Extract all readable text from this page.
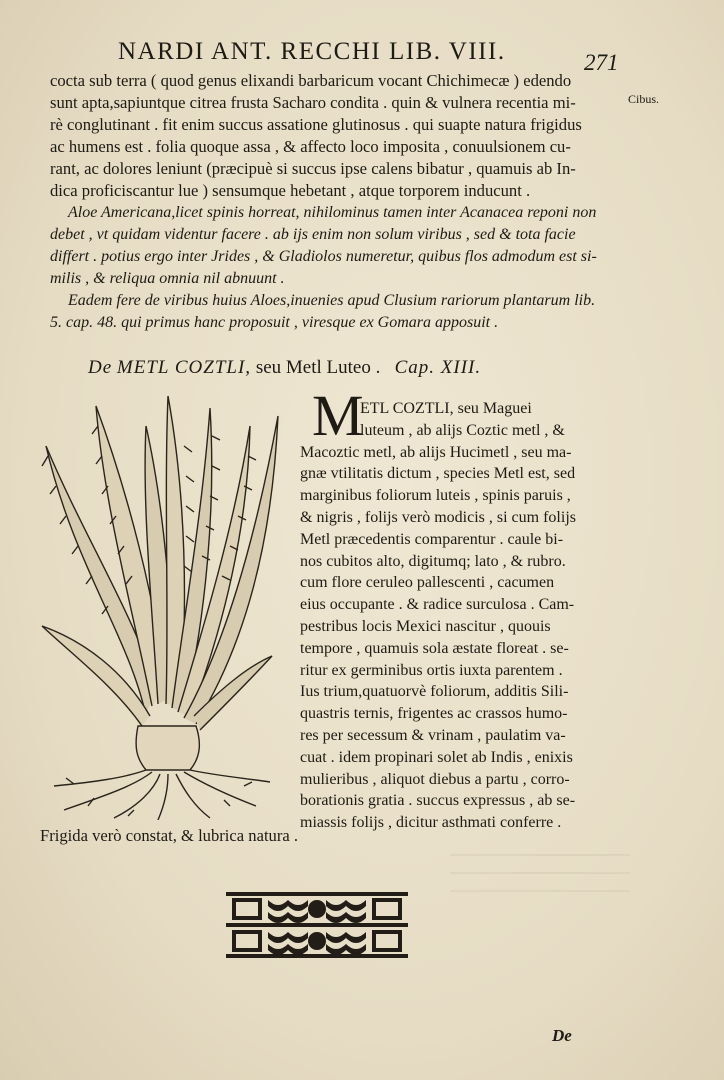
NARDI ANT. RECCHI LIB. VIII.	271
Cibus.
cocta sub terra ( quod genus elixandi barbaricum vocant Chichimecæ ) edendo
sunt apta,sapiuntque citrea frusta Sacharo condita . quin & vulnera recentia mi-
rè conglutinant . fit enim succus assatione glutinosus . qui suapte natura frigidus
ac humens est . folia quoque assa , & affecto loco imposita , conuulsionem cu-
rant, ac dolores leniunt (præcipuè si succus ipse calens bibatur , quamuis ab In-
dica proficiscantur lue ) sensumque hebetant , atque torporem inducunt .
Aloe Americana,licet spinis horreat, nihilominus tamen inter Acanacea reponi non
debet , vt quidam videntur facere . ab ijs enim non solum viribus , sed & tota facie
differt . potius ergo inter Jrides , & Gladiolos numeretur, quibus flos admodum est si-
milis , & reliqua omnia nil abnuunt .
Eadem fere de viribus huius Aloes,inuenies apud Clusium rariorum plantarum lib.
5. cap. 48. qui primus hanc proposuit , viresque ex Gomara apposuit .
De METL COZTLI, seu Metl Luteo . Cap. XIII.
M
ETL COZTLI, seu Maguei
luteum , ab alijs Coztic metl , &
Macoztic metl, ab alijs Hucimetl , seu ma-
gnæ vtilitatis dictum , species Metl est, sed
marginibus foliorum luteis , spinis paruis ,
& nigris , folijs verò modicis , si cum folijs
Metl præcedentis comparentur . caule bi-
nos cubitos alto, digitumq; lato , & rubro.
cum flore ceruleo pallescenti , cacumen
eius occupante . & radice surculosa . Cam-
pestribus locis Mexici nascitur , quouis
tempore , quamuis sola æstate floreat . se-
ritur ex germinibus ortis iuxta parentem .
Ius trium,quatuorvè foliorum, additis Sili-
quastris ternis, frigentes ac crassos humo-
res per secessum & vrinam , paulatim va-
cuat . idem propinari solet ab Indis , enixis
mulieribus , aliquot diebus a partu , corro-
borationis gratia . succus expressus , ab se-
miassis folijs , dicitur asthmati conferre .
Frigida verò constat, & lubrica natura .
De
